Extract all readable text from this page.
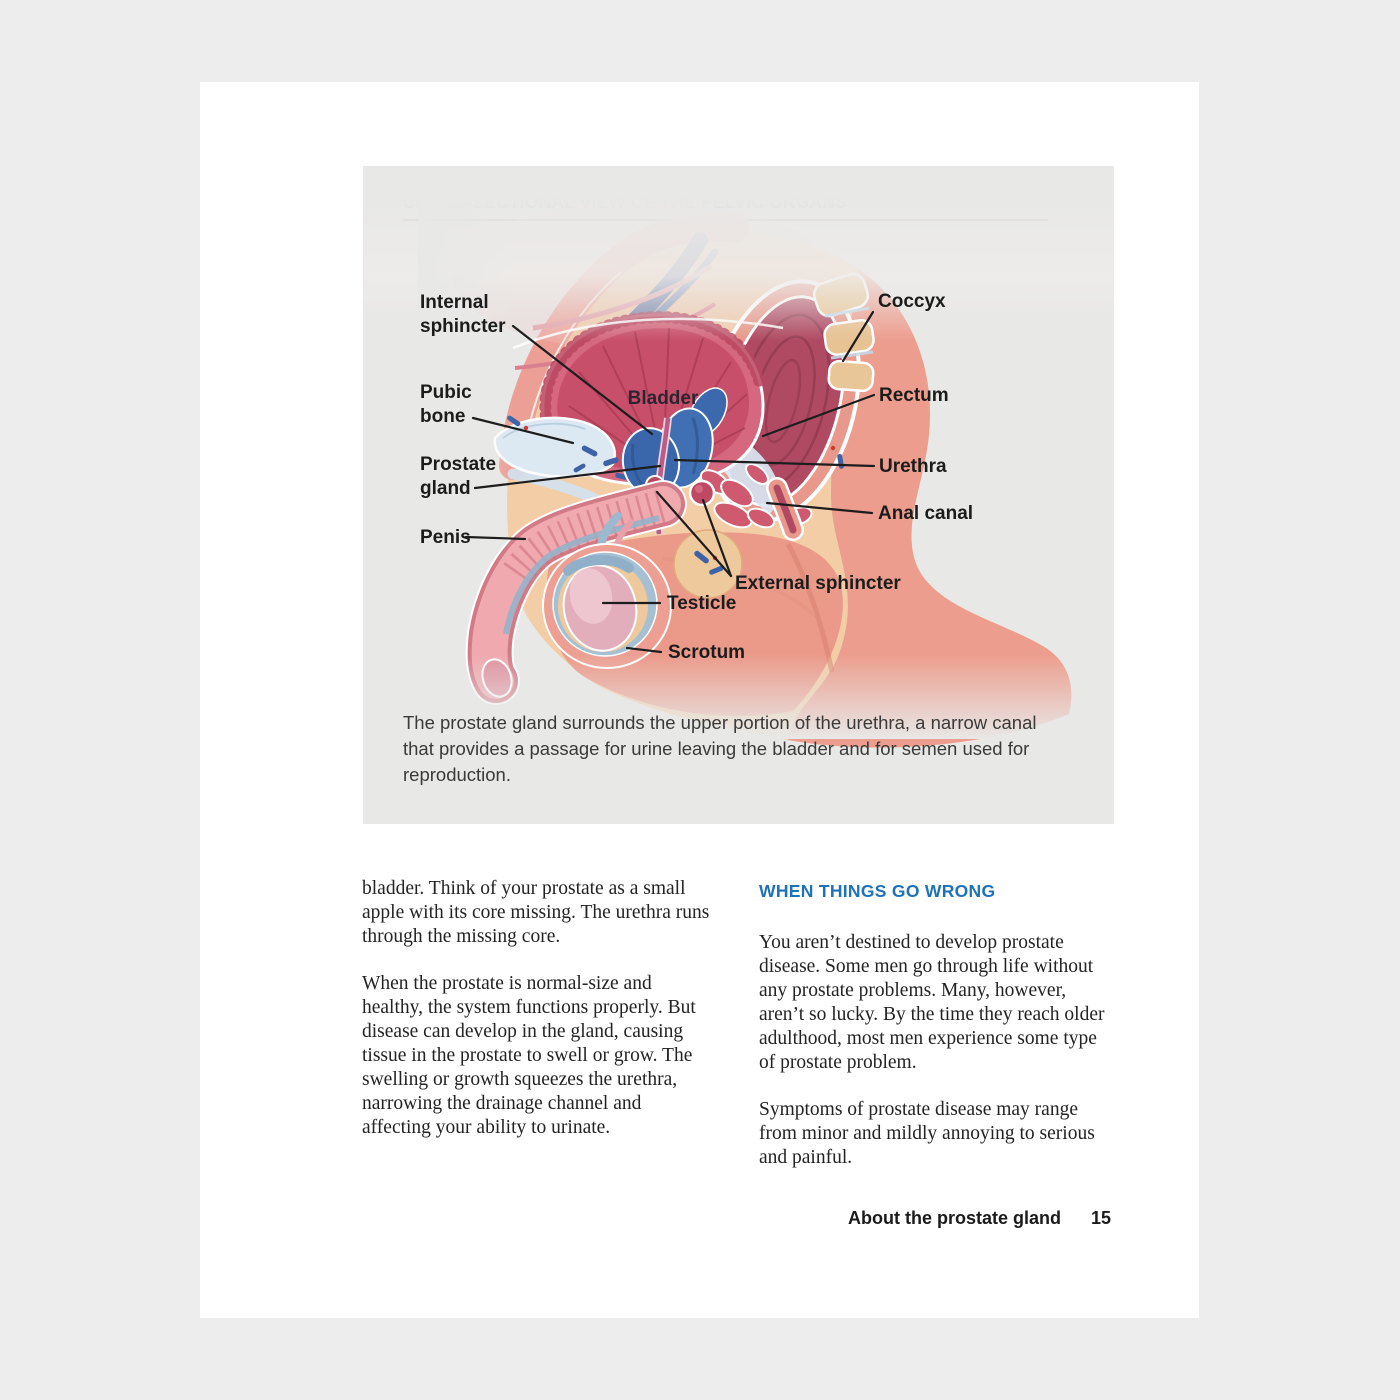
Internal
sphincter
Pubic
bone
Prostate
gland
Penis
Bladder
Coccyx
Rectum
Urethra
Anal canal
External sphincter
Testicle
Scrotum
The prostate gland surrounds the upper portion of the urethra, a narrow canal that provides a passage for urine leaving the bladder and for semen used for reproduction.

bladder. Think of your prostate as a small apple with its core missing. The urethra runs through the missing core.

When the prostate is normal-size and healthy, the system functions properly. But disease can develop in the gland, causing tissue in the prostate to swell or grow. The swelling or growth squeezes the urethra, narrowing the drainage channel and affecting your ability to urinate.

WHEN THINGS GO WRONG

You aren’t destined to develop prostate disease. Some men go through life without any prostate problems. Many, however, aren’t so lucky. By the time they reach older adulthood, most men experience some type of prostate problem.

Symptoms of prostate disease may range from minor and mildly annoying to serious and painful.

About the prostate gland 15
